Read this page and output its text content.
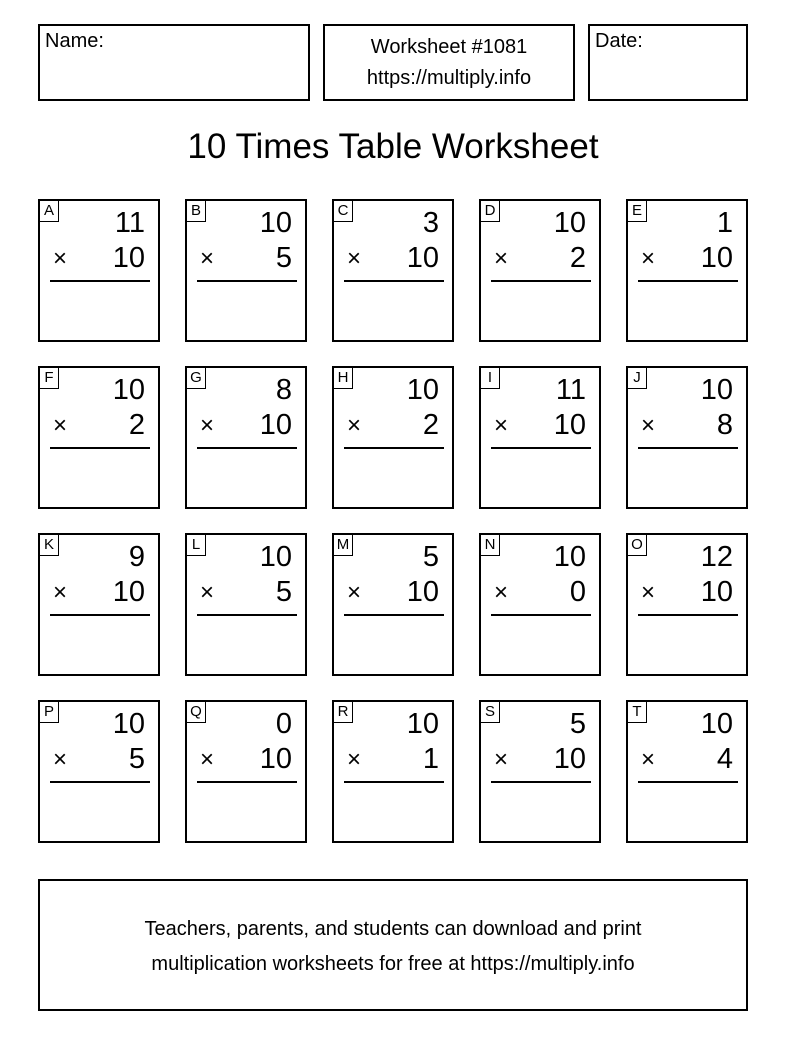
Name:	Worksheet #1081
https://multiply.info
Date:
10 Times Table Worksheet
A 11
× 10
B 10
× 5
C	3
× 10
D 10
× 2
E	1
× 10
F 10
× 2
G	8
× 10
H 10
× 2
I 11
× 10
J 10
× 8
K	9
× 10
L 10
× 5
M	5
× 10
N 10
× 0
O 12
× 10
P 10
× 5
Q	0
× 10
R 10
× 1
S	5
× 10
T 10
× 4
Teachers, parents, and students can download and print
multiplication worksheets for free at https://multiply.info
